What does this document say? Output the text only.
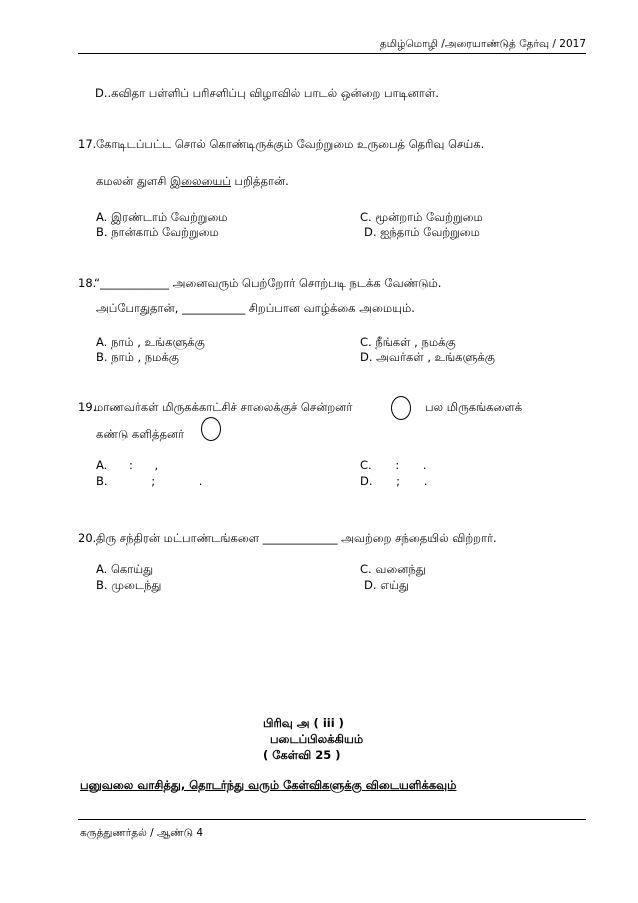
தமிழ்மொழி /அரையாண்டுத் தேர்வு / 2017
D..கவிதா பள்ளிப் பரிசளிப்பு விழாவில் பாடல் ஒன்றை பாடினாள்.
17. கோடிடப்பட்ட சொல் கொண்டிருக்கும் வேற்றுமை உருபைத் தெரிவு செய்க.
கமலன் துளசி இலையைப் பறித்தான்.
A. இரண்டாம் வேற்றுமை
B. நான்காம் வேற்றுமை
C. மூன்றாம் வேற்றுமை
D. ஐந்தாம் வேற்றுமை
18.
“____________ அனைவரும் பெற்றோர் சொற்படி நடக்க வேண்டும்.
அப்போதுதான், ___________ சிறப்பான வாழ்க்கை அமையும்.
A. நாம் , உங்களுக்கு
B. நாம் , நமக்கு
C. நீங்கள் , நமக்கு
D. அவர்கள் , உங்களுக்கு
19.
மாணவர்கள் மிருகக்காட்சிச் சாலைக்குச் சென்றனர்	பல மிருகங்களைக்
கண்டு களித்தனர்
A. : ,
B. ; .
C. : .
D. ; .
20. திரு சந்திரன் மட்பாண்டங்களை _____________ அவற்றை சந்தையில் விற்றார்.
A. கொய்து
B. முடைந்து
C. வனைந்து
D. எய்து
பிரிவு அ ( iii )
படைப்பிலக்கியம்
( கேள்வி 25 )
பனுவலை வாசித்து, தொடர்ந்து வரும் கேள்விகளுக்கு விடையளிக்கவும்
கருத்துணர்தல் / ஆண்டு 4
